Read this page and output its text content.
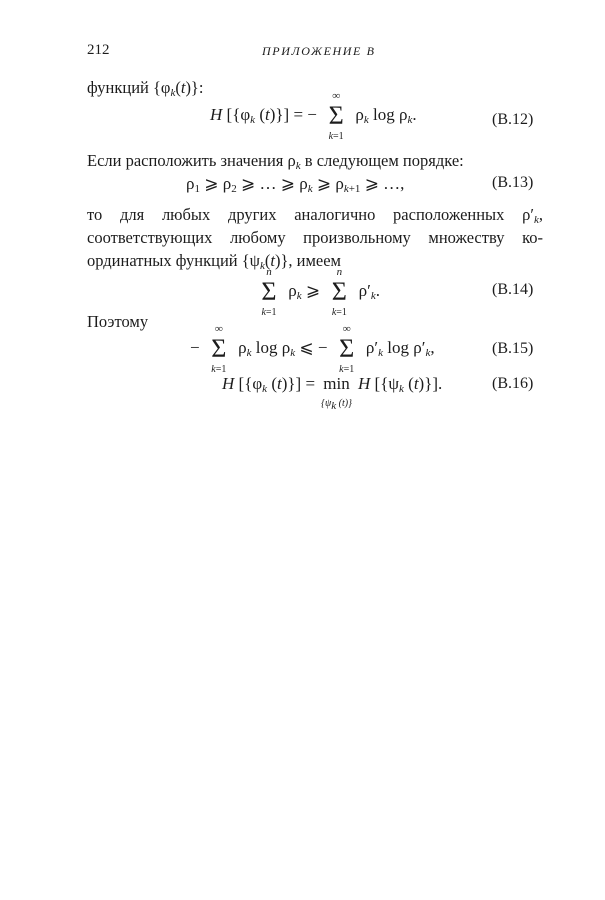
212	ПРИЛОЖЕНИЕ В
функций $\{\varphi_k(t)\}$:
H [{$\varphi_k$ (t)}] = −
∞
Σ
k=1
$\rho_k$ $\log \rho_k$.	(В.12)
Если расположить значения $\rho_k$ в следующем порядке:
$\rho_1$ ⩾ $\rho_2$ ⩾ … ⩾ $\rho_k$ ⩾ $\rho_{k+1}$ ⩾ …,	(В.13)
то для любых других аналогично расположенных $\rho'_k$,
соответствующих любому произвольному множеству ко-
ординатных функций $\{\psi_k(t)\}$, имеем
n
Σ
k=1
$\rho_k$ ⩾
n
Σ
k=1
$\rho'_k$.	(В.14)
Поэтому
−
∞
Σ
k=1
$\rho_k$ $\log \rho_k$ ⩽ −
∞
Σ
k=1
$\rho'_k$ $\log \rho'_k$,	(В.15)
H [{$\varphi_k$ (t)}] = min
{$\psi_k$ (t)}
H [{$\psi_k$ (t)}].	(В.16)
